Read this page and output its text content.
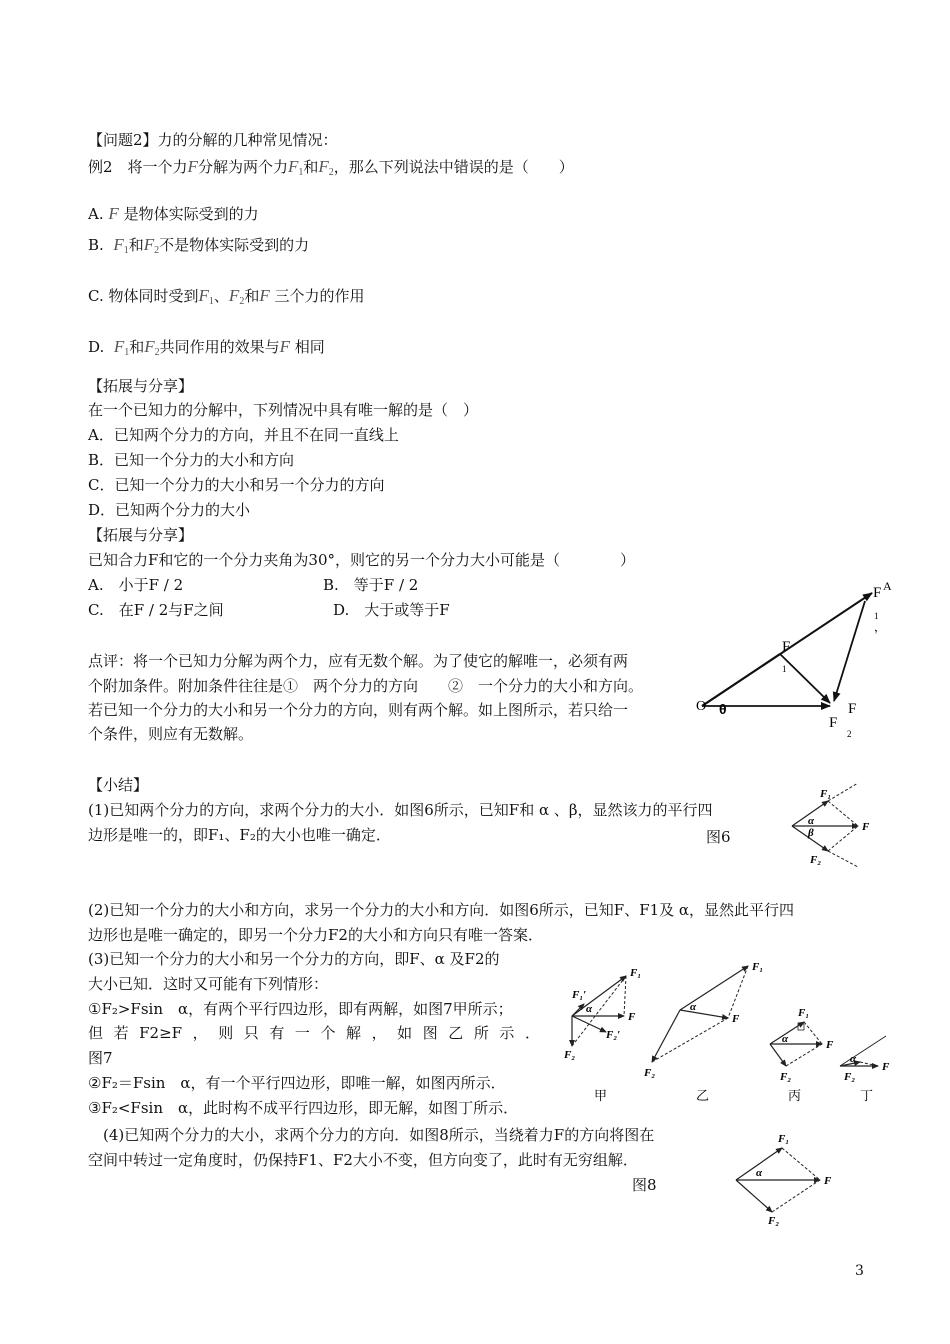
【问题2】力的分解的几种常见情况：
例2　将一个力F分解为两个力$F_1$和$F_2$，那么下列说法中错误的是（　　）
A. F 是物体实际受到的力
B. $F_1$和$F_2$不是物体实际受到的力
C. 物体同时受到$F_1$、$F_2$和F 三个力的作用
D. $F_1$和$F_2$共同作用的效果与F 相同
【拓展与分享】
在一个已知力的分解中，下列情况中具有唯一解的是（　）
A．已知两个分力的方向，并且不在同一直线上
B．已知一个分力的大小和方向
C．已知一个分力的大小和另一个分力的方向
D．已知两个分力的大小
【拓展与分享】
已知合力F和它的一个分力夹角为30°，则它的另一个分力大小可能是（　　　　）
A.　小于F / 2	B.　等于F / 2
C.　在F / 2与F之间	D.　大于或等于F
点评：将一个已知力分解为两个力，应有无数个解。为了使它的解唯一，必须有两
个附加条件。附加条件往往是①　两个分力的方向　　②　一个分力的大小和方向。
若已知一个分力的大小和另一个分力的方向，则有两个解。如上图所示，若只给一
个条件，则应有无数解。
O θ
F
1
F A
1
，
F
F
2
【小结】
(1)已知两个分力的方向，求两个分力的大小．如图6所示，已知F和 α 、β，显然该力的平行四
边形是唯一的，即F₁、F₂的大小也唯一确定．	图6
F₁
F
F₂
α
β
(2)已知一个分力的大小和方向，求另一个分力的大小和方向．如图6所示，已知F、F1及 α，显然此平行四
边形也是唯一确定的，即另一个分力F2的大小和方向只有唯一答案．
(3)已知一个分力的大小和另一个分力的方向，即F、α 及F2的
大小已知．这时又可能有下列情形：
①F₂>Fsin　α，有两个平行四边形，即有两解，如图7甲所示；
但若F2≥F，则只有一个解，如图乙所示．
图7
②F₂＝Fsin　α，有一个平行四边形，即唯一解，如图丙所示．
③F₂<Fsin　α，此时构不成平行四边形，即无解，如图丁所示．
F₁
F
F₁′
F₂′
F₂
α
F₁
F
F₂
α	F₁
F
F₂
α
F
F₂
α
甲	乙	丙	丁
　(4)已知两个分力的大小，求两个分力的方向．如图8所示，当绕着力F的方向将图在
空间中转过一定角度时，仍保持F1、F2大小不变，但方向变了，此时有无穷组解．
图8
F₁
F
F₂
α
3
